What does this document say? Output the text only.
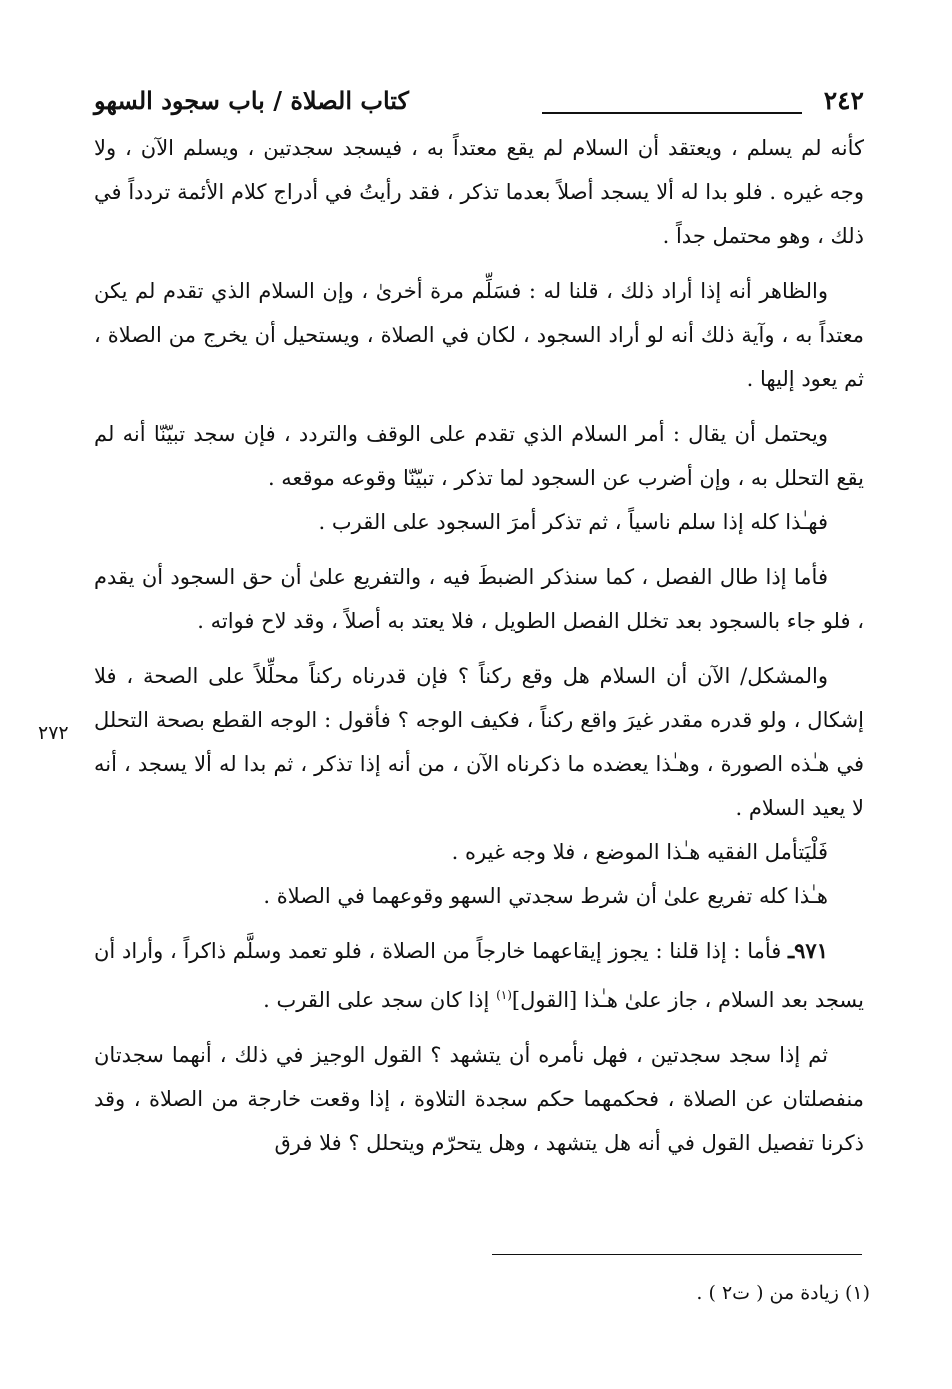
٢٤٢
كتاب الصلاة / باب سجود السهو
٢٧٢

كأنه لم يسلم ، ويعتقد أن السلام لم يقع معتداً به ، فيسجد سجدتين ، ويسلم الآن ، ولا وجه غيره . فلو بدا له ألا يسجد أصلاً بعدما تذكر ، فقد رأيتُ في أدراج كلام الأئمة تردداً في ذلك ، وهو محتمل جداً .

والظاهر أنه إذا أراد ذلك ، قلنا له : فسَلِّم مرة أخرىٰ ، وإن السلام الذي تقدم لم يكن معتداً به ، وآية ذلك أنه لو أراد السجود ، لكان في الصلاة ، ويستحيل أن يخرج من الصلاة ، ثم يعود إليها .

ويحتمل أن يقال : أمر السلام الذي تقدم على الوقف والتردد ، فإن سجد تبيّنّا أنه لم يقع التحلل به ، وإن أضرب عن السجود لما تذكر ، تبيّنّا وقوعه موقعه .

فهـٰذا كله إذا سلم ناسياً ، ثم تذكر أمرَ السجود على القرب .

فأما إذا طال الفصل ، كما سنذكر الضبطَ فيه ، والتفريع علىٰ أن حق السجود أن يقدم ، فلو جاء بالسجود بعد تخلل الفصل الطويل ، فلا يعتد به أصلاً ، وقد لاح فواته .

والمشكل/ الآن أن السلام هل وقع ركناً ؟ فإن قدرناه ركناً محلِّلاً على الصحة ، فلا إشكال ، ولو قدره مقدر غيرَ واقع ركناً ، فكيف الوجه ؟ فأقول : الوجه القطع بصحة التحلل في هـٰذه الصورة ، وهـٰذا يعضده ما ذكرناه الآن ، من أنه إذا تذكر ، ثم بدا له ألا يسجد ، أنه لا يعيد السلام .

فَلْيَتأمل الفقيه هـٰذا الموضع ، فلا وجه غيره .

هـٰذا كله تفريع علىٰ أن شرط سجدتي السهو وقوعهما في الصلاة .

٩٧١ـ فأما : إذا قلنا : يجوز إيقاعهما خارجاً من الصلاة ، فلو تعمد وسلَّم ذاكراً ، وأراد أن يسجد بعد السلام ، جاز علىٰ هـٰذا [القول]$^{(١)}$ إذا كان سجد على القرب .

ثم إذا سجد سجدتين ، فهل نأمره أن يتشهد ؟ القول الوجيز في ذلك ، أنهما سجدتان منفصلتان عن الصلاة ، فحكمهما حكم سجدة التلاوة ، إذا وقعت خارجة من الصلاة ، وقد ذكرنا تفصيل القول في أنه هل يتشهد ، وهل يتحرّم ويتحلل ؟ فلا فرق

(١) زيادة من ( ت٢ ) .
